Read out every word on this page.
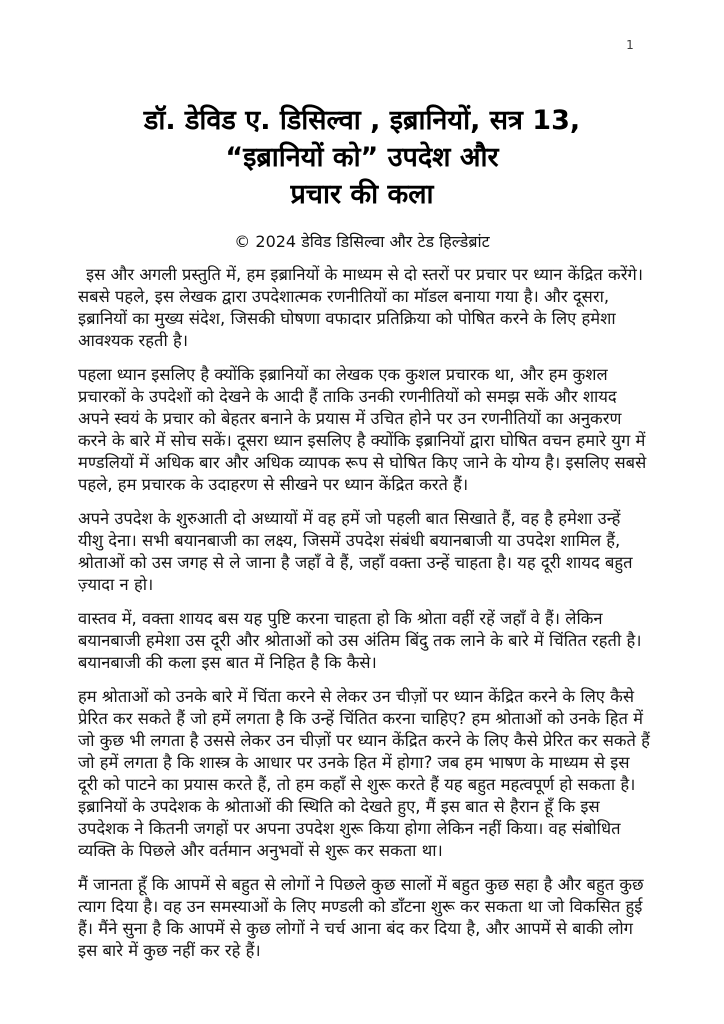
1
डॉ. डेविड ए. डिसिल्वा , इब्रानियों, सत्र 13,
“इब्रानियों को” उपदेश और
प्रचार की कला
© 2024 डेविड डिसिल्वा और टेड हिल्डेब्रांट

इस और अगली प्रस्तुति में, हम इब्रानियों के माध्यम से दो स्तरों पर प्रचार पर ध्यान केंद्रित करेंगे। सबसे पहले, इस लेखक द्वारा उपदेशात्मक रणनीतियों का मॉडल बनाया गया है। और दूसरा, इब्रानियों का मुख्य संदेश, जिसकी घोषणा वफादार प्रतिक्रिया को पोषित करने के लिए हमेशा आवश्यक रहती है।

पहला ध्यान इसलिए है क्योंकि इब्रानियों का लेखक एक कुशल प्रचारक था, और हम कुशल प्रचारकों के उपदेशों को देखने के आदी हैं ताकि उनकी रणनीतियों को समझ सकें और शायद अपने स्वयं के प्रचार को बेहतर बनाने के प्रयास में उचित होने पर उन रणनीतियों का अनुकरण करने के बारे में सोच सकें। दूसरा ध्यान इसलिए है क्योंकि इब्रानियों द्वारा घोषित वचन हमारे युग में मण्डलियों में अधिक बार और अधिक व्यापक रूप से घोषित किए जाने के योग्य है। इसलिए सबसे पहले, हम प्रचारक के उदाहरण से सीखने पर ध्यान केंद्रित करते हैं।

अपने उपदेश के शुरुआती दो अध्यायों में वह हमें जो पहली बात सिखाते हैं, वह है हमेशा उन्हें यीशु देना। सभी बयानबाजी का लक्ष्य, जिसमें उपदेश संबंधी बयानबाजी या उपदेश शामिल हैं, श्रोताओं को उस जगह से ले जाना है जहाँ वे हैं, जहाँ वक्ता उन्हें चाहता है। यह दूरी शायद बहुत ज़्यादा न हो।

वास्तव में, वक्ता शायद बस यह पुष्टि करना चाहता हो कि श्रोता वहीं रहें जहाँ वे हैं। लेकिन बयानबाजी हमेशा उस दूरी और श्रोताओं को उस अंतिम बिंदु तक लाने के बारे में चिंतित रहती है। बयानबाजी की कला इस बात में निहित है कि कैसे।

हम श्रोताओं को उनके बारे में चिंता करने से लेकर उन चीज़ों पर ध्यान केंद्रित करने के लिए कैसे प्रेरित कर सकते हैं जो हमें लगता है कि उन्हें चिंतित करना चाहिए? हम श्रोताओं को उनके हित में जो कुछ भी लगता है उससे लेकर उन चीज़ों पर ध्यान केंद्रित करने के लिए कैसे प्रेरित कर सकते हैं जो हमें लगता है कि शास्त्र के आधार पर उनके हित में होगा? जब हम भाषण के माध्यम से इस दूरी को पाटने का प्रयास करते हैं, तो हम कहाँ से शुरू करते हैं यह बहुत महत्वपूर्ण हो सकता है। इब्रानियों के उपदेशक के श्रोताओं की स्थिति को देखते हुए, मैं इस बात से हैरान हूँ कि इस उपदेशक ने कितनी जगहों पर अपना उपदेश शुरू किया होगा लेकिन नहीं किया। वह संबोधित व्यक्ति के पिछले और वर्तमान अनुभवों से शुरू कर सकता था।

मैं जानता हूँ कि आपमें से बहुत से लोगों ने पिछले कुछ सालों में बहुत कुछ सहा है और बहुत कुछ त्याग दिया है। वह उन समस्याओं के लिए मण्डली को डाँटना शुरू कर सकता था जो विकसित हुई हैं। मैंने सुना है कि आपमें से कुछ लोगों ने चर्च आना बंद कर दिया है, और आपमें से बाकी लोग इस बारे में कुछ नहीं कर रहे हैं।
